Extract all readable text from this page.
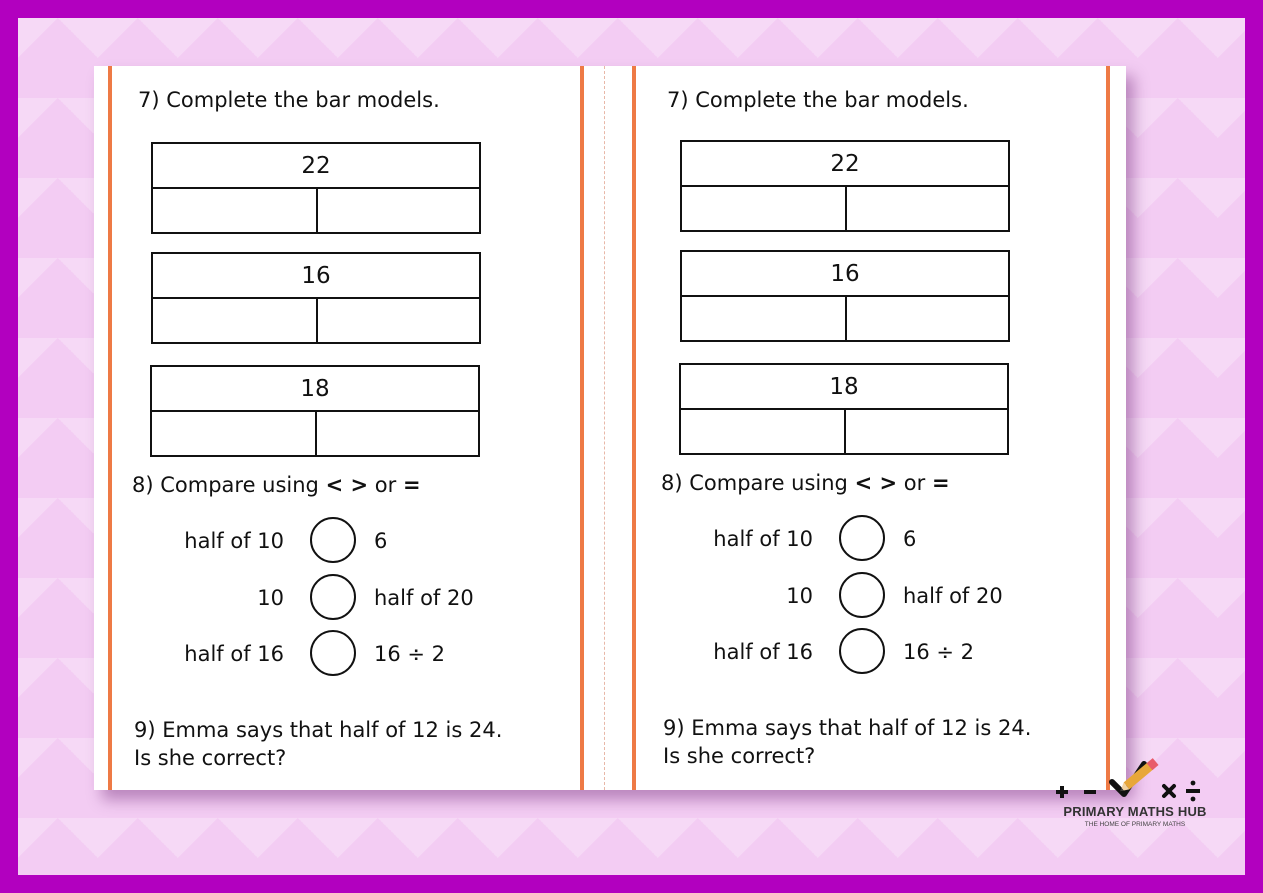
7) Complete the bar models.
22
16
18
8) Compare using < > or =
half of 10	6
10	half of 20
half of 16	16 ÷ 2
9) Emma says that half of 12 is 24.
Is she correct?
7) Complete the bar models.
22
16
18
8) Compare using < > or =
half of 10	6
10	half of 20
half of 16	16 ÷ 2
9) Emma says that half of 12 is 24.
Is she correct?
PRIMARY MATHS HUB
THE HOME OF PRIMARY MATHS
